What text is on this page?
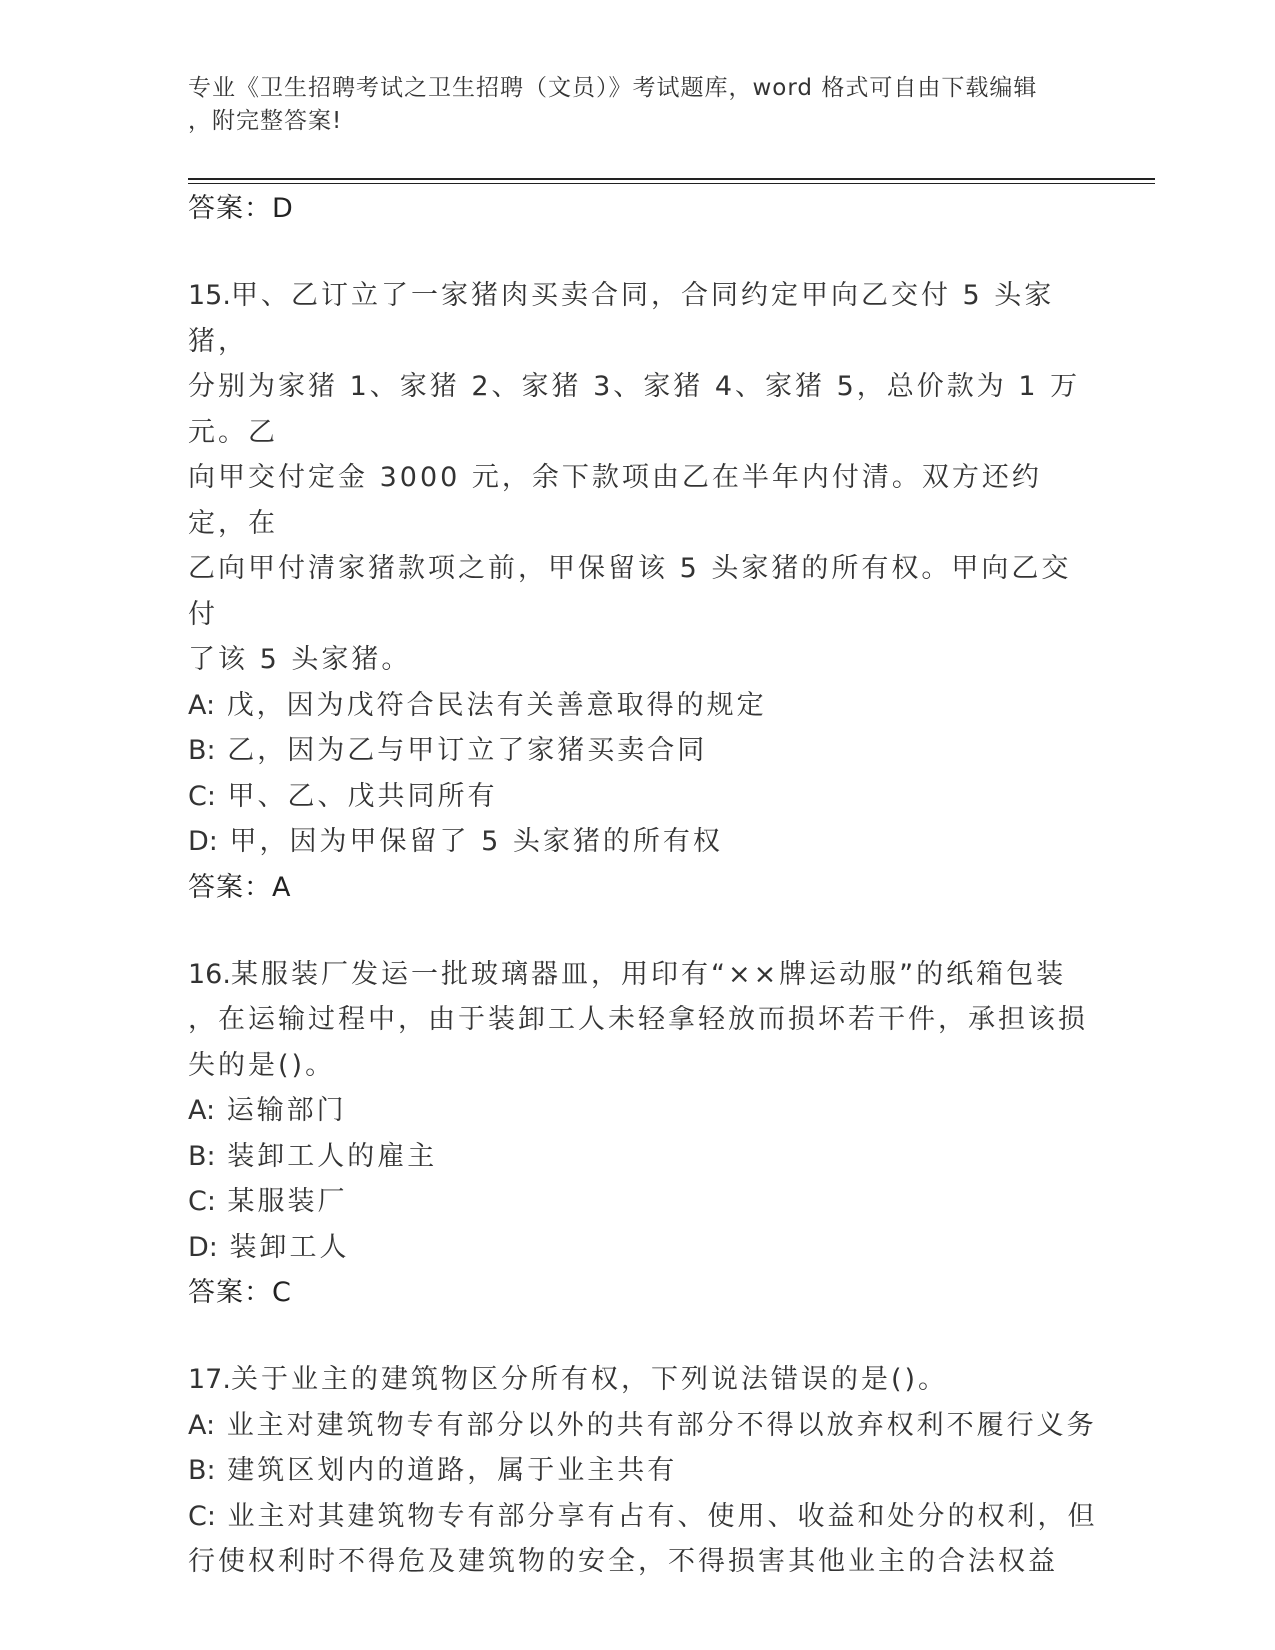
专业《卫生招聘考试之卫生招聘（文员）》考试题库，word 格式可自由下载编辑
，附完整答案!

答案：D

15.甲、乙订立了一家猪肉买卖合同，合同约定甲向乙交付 5 头家猪，

分别为家猪 1、家猪 2、家猪 3、家猪 4、家猪 5，总价款为 1 万元。乙

向甲交付定金 3000 元，余下款项由乙在半年内付清。双方还约定，在

乙向甲付清家猪款项之前，甲保留该 5 头家猪的所有权。甲向乙交付

了该 5 头家猪。

A: 戊，因为戊符合民法有关善意取得的规定

B: 乙，因为乙与甲订立了家猪买卖合同

C: 甲、乙、戊共同所有

D: 甲，因为甲保留了 5 头家猪的所有权

答案：A

16.某服装厂发运一批玻璃器皿，用印有“××牌运动服”的纸箱包装

，在运输过程中，由于装卸工人未轻拿轻放而损坏若干件，承担该损

失的是()。

A: 运输部门

B: 装卸工人的雇主

C: 某服装厂

D: 装卸工人

答案：C

17.关于业主的建筑物区分所有权，下列说法错误的是()。

A: 业主对建筑物专有部分以外的共有部分不得以放弃权利不履行义务

B: 建筑区划内的道路，属于业主共有

C: 业主对其建筑物专有部分享有占有、使用、收益和处分的权利，但

行使权利时不得危及建筑物的安全，不得损害其他业主的合法权益
